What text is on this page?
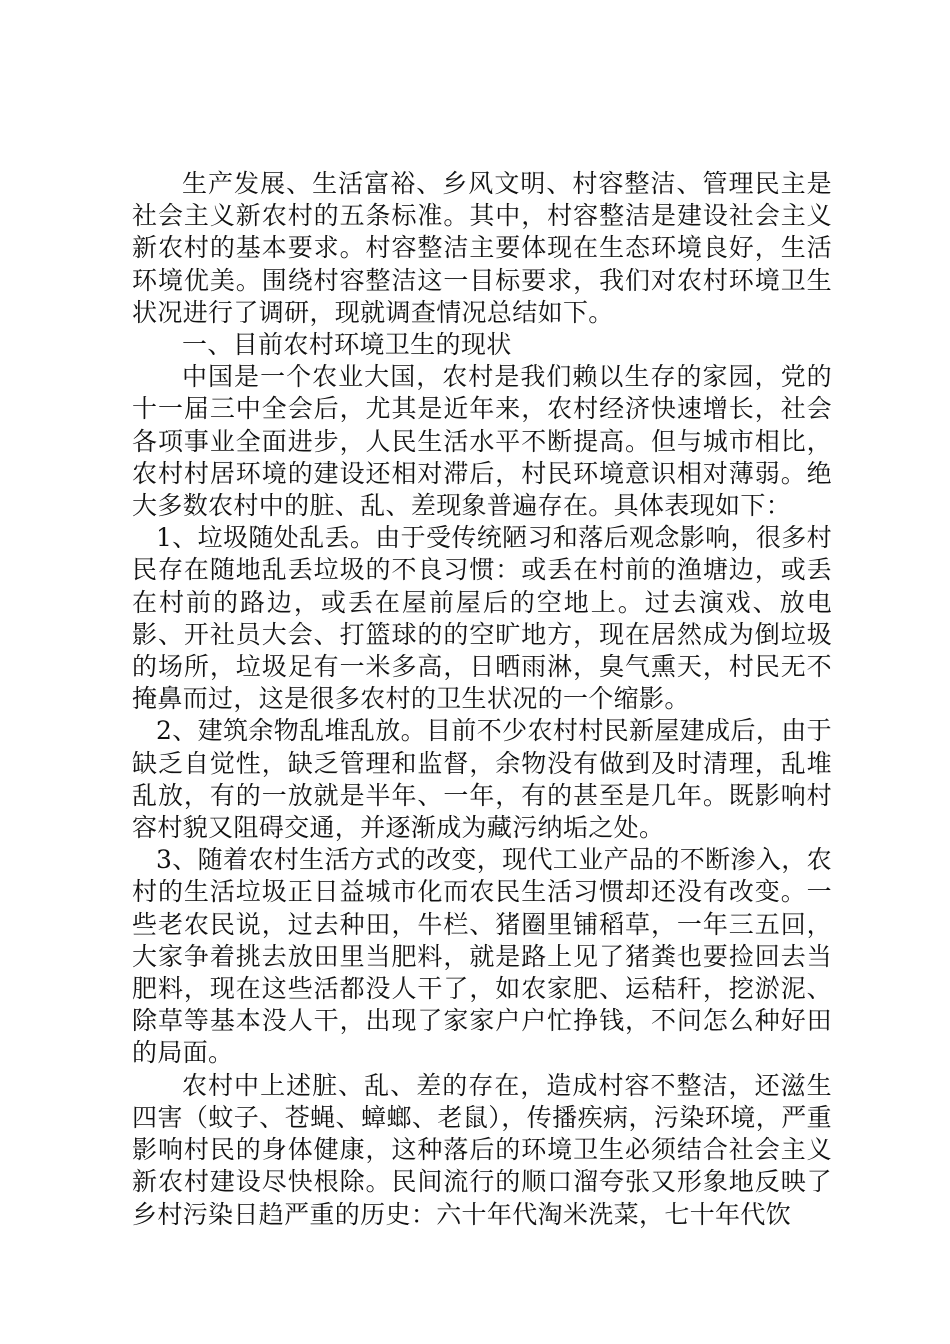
生产发展、生活富裕、乡风文明、村容整洁、管理民主是社会主义新农村的五条标准。其中，村容整洁是建设社会主义新农村的基本要求。村容整洁主要体现在生态环境良好，生活环境优美。围绕村容整洁这一目标要求，我们对农村环境卫生状况进行了调研，现就调查情况总结如下。

一、目前农村环境卫生的现状

中国是一个农业大国，农村是我们赖以生存的家园，党的十一届三中全会后，尤其是近年来，农村经济快速增长，社会各项事业全面进步，人民生活水平不断提高。但与城市相比，农村村居环境的建设还相对滞后，村民环境意识相对薄弱。绝大多数农村中的脏、乱、差现象普遍存在。具体表现如下：

1、垃圾随处乱丢。由于受传统陋习和落后观念影响，很多村民存在随地乱丢垃圾的不良习惯：或丢在村前的渔塘边，或丢在村前的路边，或丢在屋前屋后的空地上。过去演戏、放电影、开社员大会、打篮球的的空旷地方，现在居然成为倒垃圾的场所，垃圾足有一米多高，日晒雨淋，臭气熏天，村民无不掩鼻而过，这是很多农村的卫生状况的一个缩影。

2、建筑余物乱堆乱放。目前不少农村村民新屋建成后，由于缺乏自觉性，缺乏管理和监督，余物没有做到及时清理，乱堆乱放，有的一放就是半年、一年，有的甚至是几年。既影响村容村貌又阻碍交通，并逐渐成为藏污纳垢之处。

3、随着农村生活方式的改变，现代工业产品的不断渗入，农村的生活垃圾正日益城市化而农民生活习惯却还没有改变。一些老农民说，过去种田，牛栏、猪圈里铺稻草，一年三五回，大家争着挑去放田里当肥料，就是路上见了猪粪也要捡回去当肥料，现在这些活都没人干了，如农家肥、运秸秆，挖淤泥、除草等基本没人干，出现了家家户户忙挣钱，不问怎么种好田的局面。

农村中上述脏、乱、差的存在，造成村容不整洁，还滋生四害（蚊子、苍蝇、蟑螂、老鼠），传播疾病，污染环境，严重影响村民的身体健康，这种落后的环境卫生必须结合社会主义新农村建设尽快根除。民间流行的顺口溜夸张又形象地反映了乡村污染日趋严重的历史：六十年代淘米洗菜，七十年代饮
